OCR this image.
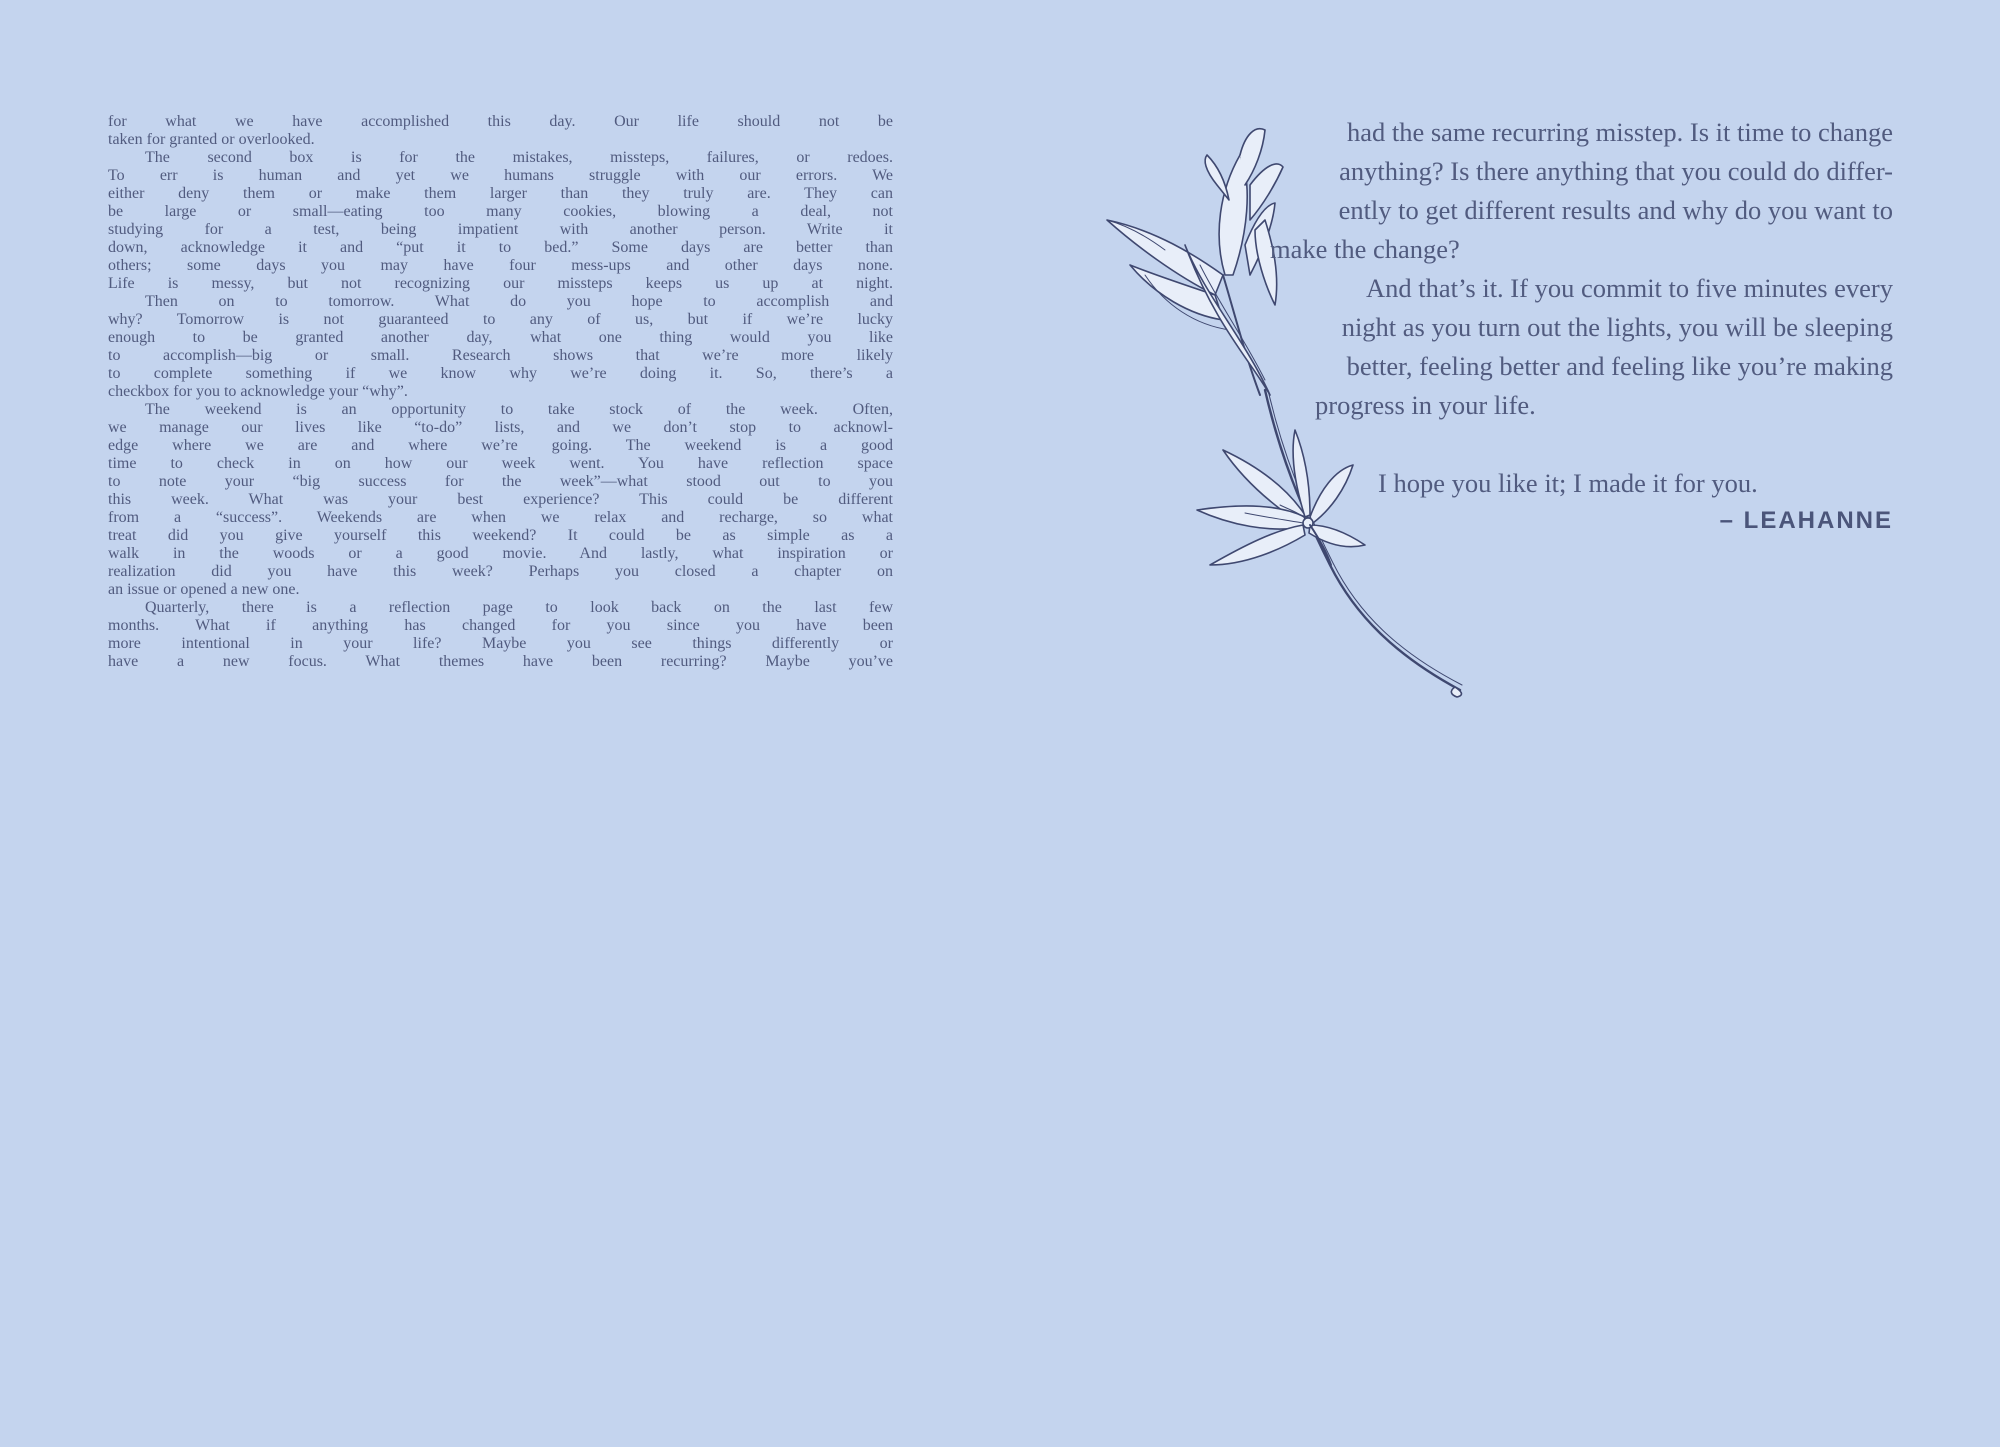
for what we have accomplished this day. Our life should not be
taken for granted or overlooked.
The second box is for the mistakes, missteps, failures, or redoes.
To err is human and yet we humans struggle with our errors. We
either deny them or make them larger than they truly are. They can
be large or small—eating too many cookies, blowing a deal, not
studying for a test, being impatient with another person. Write it
down, acknowledge it and “put it to bed.” Some days are better than
others; some days you may have four mess-ups and other days none.
Life is messy, but not recognizing our missteps keeps us up at night.
Then on to tomorrow. What do you hope to accomplish and
why? Tomorrow is not guaranteed to any of us, but if we’re lucky
enough to be granted another day, what one thing would you like
to accomplish—big or small. Research shows that we’re more likely
to complete something if we know why we’re doing it. So, there’s a
checkbox for you to acknowledge your “why”.
The weekend is an opportunity to take stock of the week. Often,
we manage our lives like “to-do” lists, and we don’t stop to acknowl-
edge where we are and where we’re going. The weekend is a good
time to check in on how our week went. You have reflection space
to note your “big success for the week”—what stood out to you
this week. What was your best experience? This could be different
from a “success”. Weekends are when we relax and recharge, so what
treat did you give yourself this weekend? It could be as simple as a
walk in the woods or a good movie. And lastly, what inspiration or
realization did you have this week? Perhaps you closed a chapter on
an issue or opened a new one.
Quarterly, there is a reflection page to look back on the last few
months. What if anything has changed for you since you have been
more intentional in your life? Maybe you see things differently or
have a new focus. What themes have been recurring? Maybe you’ve
had the same recurring misstep. Is it time to change
anything? Is there anything that you could do differ-
ently to get different results and why do you want to
make the change?
And that’s it. If you commit to five minutes every
night as you turn out the lights, you will be sleeping
better, feeling better and feeling like you’re making
progress in your life.
I hope you like it; I made it for you.
– LEAHANNE
